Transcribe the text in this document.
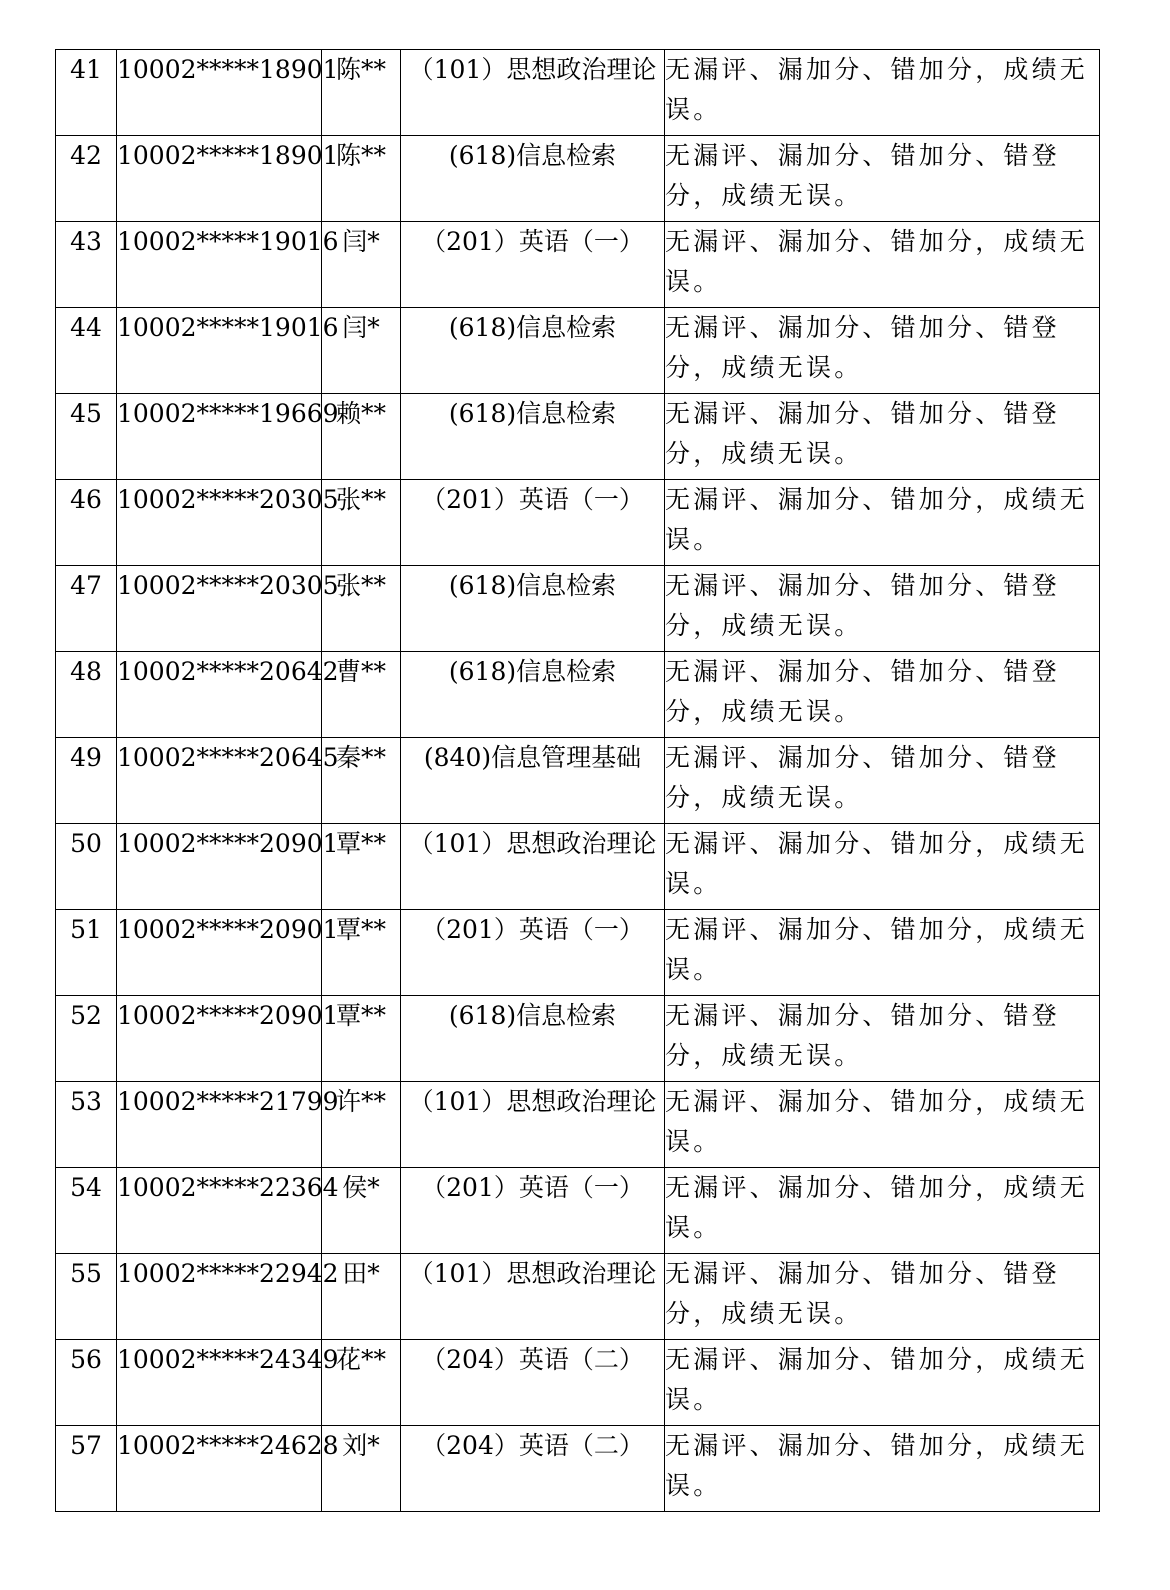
41	10002*****18901	陈**	（101）思想政治理论	无漏评、漏加分、错加分，成绩无误。
42	10002*****18901	陈**	(618)信息检索	无漏评、漏加分、错加分、错登分，成绩无误。
43	10002*****19016	闫*	（201）英语（一）	无漏评、漏加分、错加分，成绩无误。
44	10002*****19016	闫*	(618)信息检索	无漏评、漏加分、错加分、错登分，成绩无误。
45	10002*****19669	赖**	(618)信息检索	无漏评、漏加分、错加分、错登分，成绩无误。
46	10002*****20305	张**	（201）英语（一）	无漏评、漏加分、错加分，成绩无误。
47	10002*****20305	张**	(618)信息检索	无漏评、漏加分、错加分、错登分，成绩无误。
48	10002*****20642	曹**	(618)信息检索	无漏评、漏加分、错加分、错登分，成绩无误。
49	10002*****20645	秦**	(840)信息管理基础	无漏评、漏加分、错加分、错登分，成绩无误。
50	10002*****20901	覃**	（101）思想政治理论	无漏评、漏加分、错加分，成绩无误。
51	10002*****20901	覃**	（201）英语（一）	无漏评、漏加分、错加分，成绩无误。
52	10002*****20901	覃**	(618)信息检索	无漏评、漏加分、错加分、错登分，成绩无误。
53	10002*****21799	许**	（101）思想政治理论	无漏评、漏加分、错加分，成绩无误。
54	10002*****22364	侯*	（201）英语（一）	无漏评、漏加分、错加分，成绩无误。
55	10002*****22942	田*	（101）思想政治理论	无漏评、漏加分、错加分、错登分，成绩无误。
56	10002*****24349	花**	（204）英语（二）	无漏评、漏加分、错加分，成绩无误。
57	10002*****24628	刘*	（204）英语（二）	无漏评、漏加分、错加分，成绩无误。
